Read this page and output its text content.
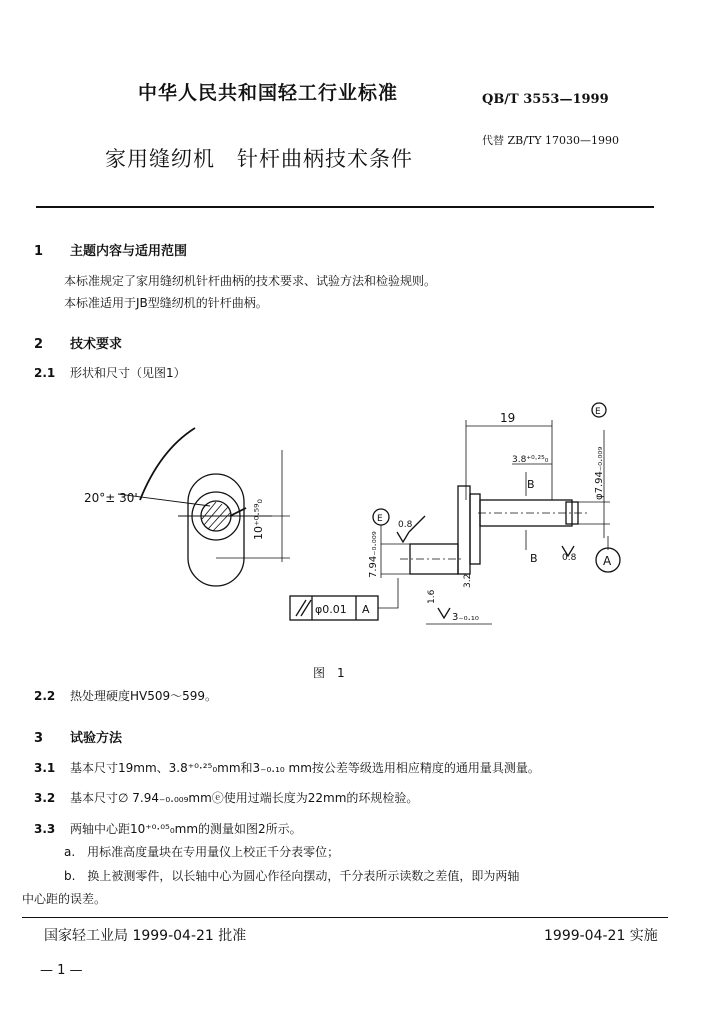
中华人民共和国轻工行业标准	QB/T 3553—1999
代替 ZB/TY 17030—1990
家用缝纫机　针杆曲柄技术条件
1 主题内容与适用范围
本标准规定了家用缝纫机针杆曲柄的技术要求、试验方法和检验规则。
本标准适用于JB型缝纫机的针杆曲柄。
2 技术要求
2.1 形状和尺寸（见图1）
20°± 30'
10⁺⁰·⁵⁹₀
19
3.8⁺⁰·²⁵₀
B
B
φ7.94₋₀.₀₀₉
E
E
A
0.8
1.6
3.2
0.8
7.94₋₀.₀₀₉
3₋₀.₁₀
φ0.01 A
图　1
2.2 热处理硬度HV509～599。
3 试验方法
3.1 基本尺寸19mm、3.8⁺⁰·²⁵₀mm和3₋₀.₁₀ mm按公差等级选用相应精度的通用量具测量。
3.2 基本尺寸∅ 7.94₋₀.₀₀₉mmⓔ使用过端长度为22mm的环规检验。
3.3 两轴中心距10⁺⁰·⁰⁵₀mm的测量如图2所示。
a.　用标准高度量块在专用量仪上校正千分表零位；
b.　换上被测零件，以长轴中心为圆心作径向摆动，千分表所示读数之差值，即为两轴
中心距的误差。
国家轻工业局 1999-04-21 批准	1999-04-21 实施
— 1 —
